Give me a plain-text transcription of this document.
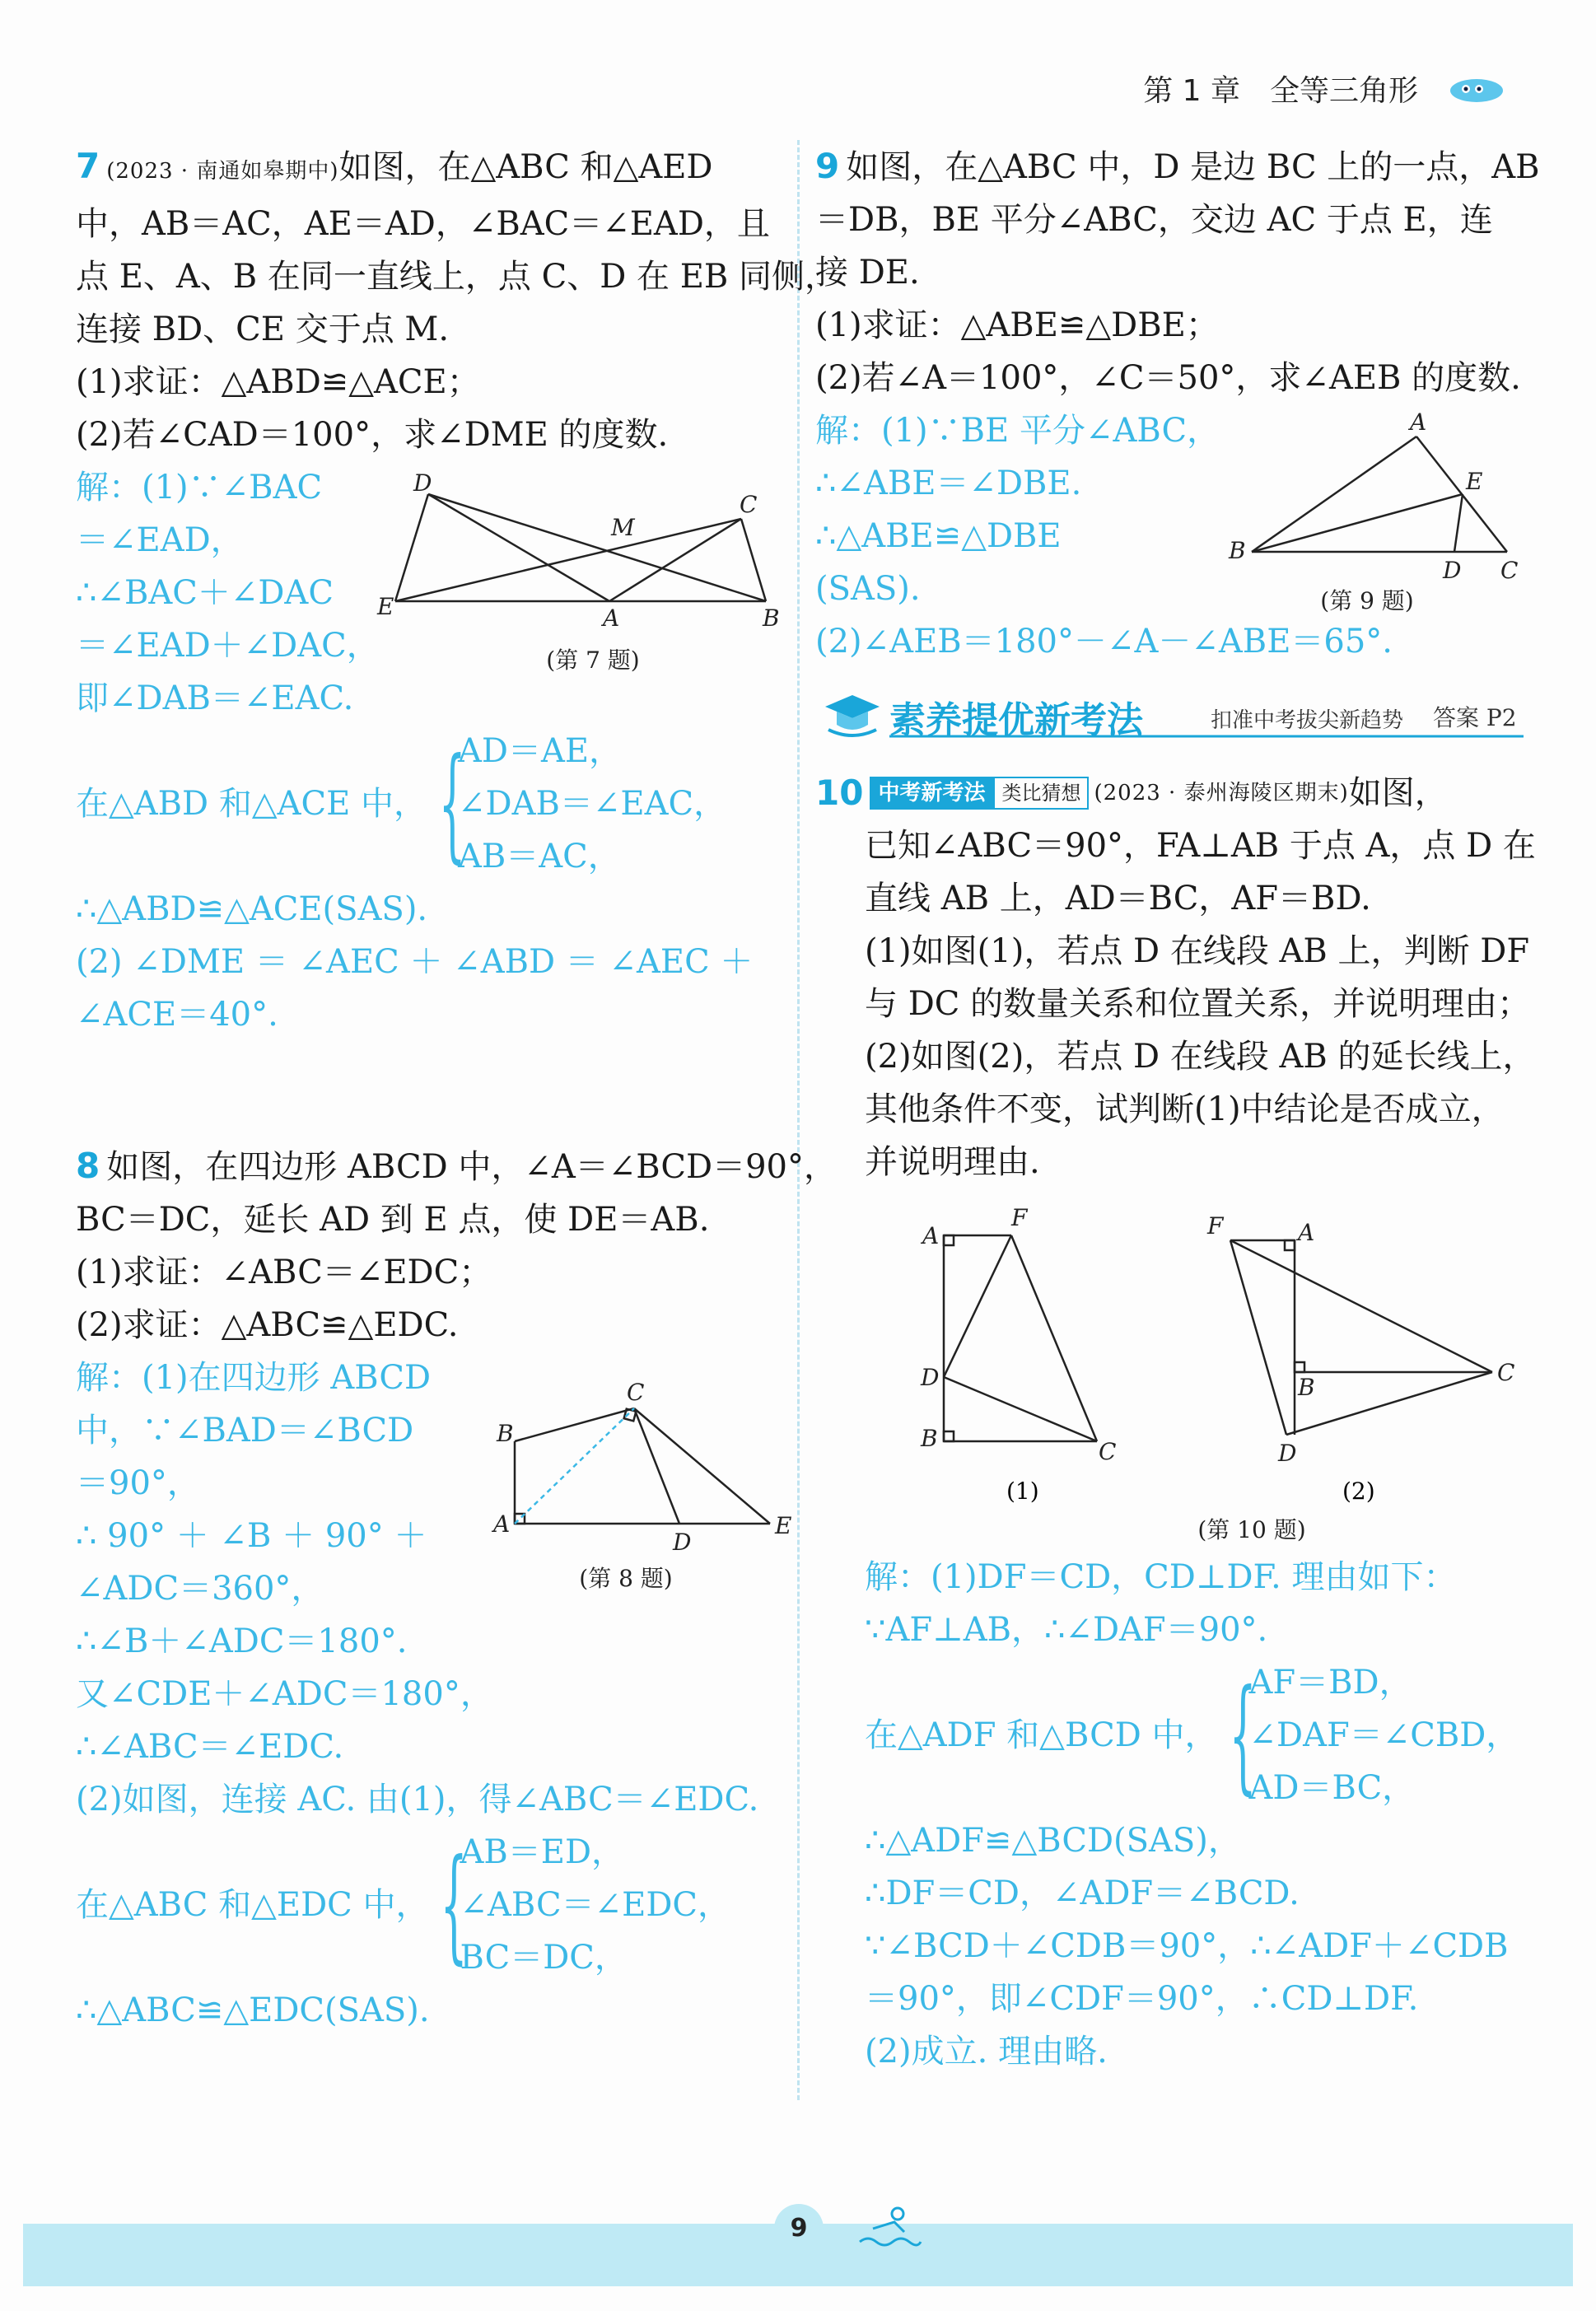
第 1 章 全等三角形
7 (2023 · 南通如皋期中)如图，在△ABC 和△AED
中，AB＝AC，AE＝AD，∠BAC＝∠EAD，且
点 E、A、B 在同一直线上，点 C、D 在 EB 同侧，
连接 BD、CE 交于点 M.
(1)求证：△ABD≌△ACE；
(2)若∠CAD＝100°，求∠DME 的度数.
解：(1)∵∠BAC
＝∠EAD，
∴∠BAC＋∠DAC
＝∠EAD＋∠DAC，
即∠DAB＝∠EAC.
在△ABD 和△ACE 中， {
AD＝AE，
∠DAB＝∠EAC，
AB＝AC，
∴△ABD≌△ACE(SAS).
(2) ∠DME ＝ ∠AEC ＋ ∠ABD ＝ ∠AEC ＋
∠ACE＝40°.
8 如图，在四边形 ABCD 中，∠A＝∠BCD＝90°，
BC＝DC，延长 AD 到 E 点，使 DE＝AB.
(1)求证：∠ABC＝∠EDC；
(2)求证：△ABC≌△EDC.
解：(1)在四边形 ABCD
中，∵∠BAD＝∠BCD
＝90°，
∴ 90° ＋ ∠B ＋ 90° ＋
∠ADC＝360°，
∴∠B＋∠ADC＝180°.
又∠CDE＋∠ADC＝180°，
∴∠ABC＝∠EDC.
(2)如图，连接 AC. 由(1)，得∠ABC＝∠EDC.
在△ABC 和△EDC 中， {
AB＝ED，
∠ABC＝∠EDC，
BC＝DC，
∴△ABC≌△EDC(SAS).
D
C
M
E	A	B
(第 7 题)
B
C
A
D
E
(第 8 题)
9 如图，在△ABC 中，D 是边 BC 上的一点，AB
＝DB，BE 平分∠ABC，交边 AC 于点 E，连
接 DE.
(1)求证：△ABE≌△DBE；
(2)若∠A＝100°，∠C＝50°，求∠AEB 的度数.
解：(1)∵BE 平分∠ABC，
∴∠ABE＝∠DBE.
∴△ABE≌△DBE
(SAS).
(2)∠AEB＝180°－∠A－∠ABE＝65°.
10 中考新考法 类比猜想 (2023 · 泰州海陵区期末) 如图，
已知∠ABC＝90°，FA⊥AB 于点 A，点 D 在
直线 AB 上，AD＝BC，AF＝BD.
(1)如图(1)，若点 D 在线段 AB 上，判断 DF
与 DC 的数量关系和位置关系，并说明理由；
(2)如图(2)，若点 D 在线段 AB 的延长线上，
其他条件不变，试判断(1)中结论是否成立，
并说明理由.
解：(1)DF＝CD，CD⊥DF. 理由如下：
∵AF⊥AB，∴∠DAF＝90°.
在△ADF 和△BCD 中， {
AF＝BD，
∠DAF＝∠CBD，
AD＝BC，
∴△ADF≌△BCD(SAS)，
∴DF＝CD，∠ADF＝∠BCD.
∵∠BCD＋∠CDB＝90°，∴∠ADF＋∠CDB
＝90°，即∠CDF＝90°，∴CD⊥DF.
(2)成立. 理由略.
A
E
B
D C
(第 9 题)
素养提优新考法	扣准中考拔尖新趋势 答案 P2
A
F
D
B	C
(1)
F	A
B
D
C
(2)
(第 10 题)
9
